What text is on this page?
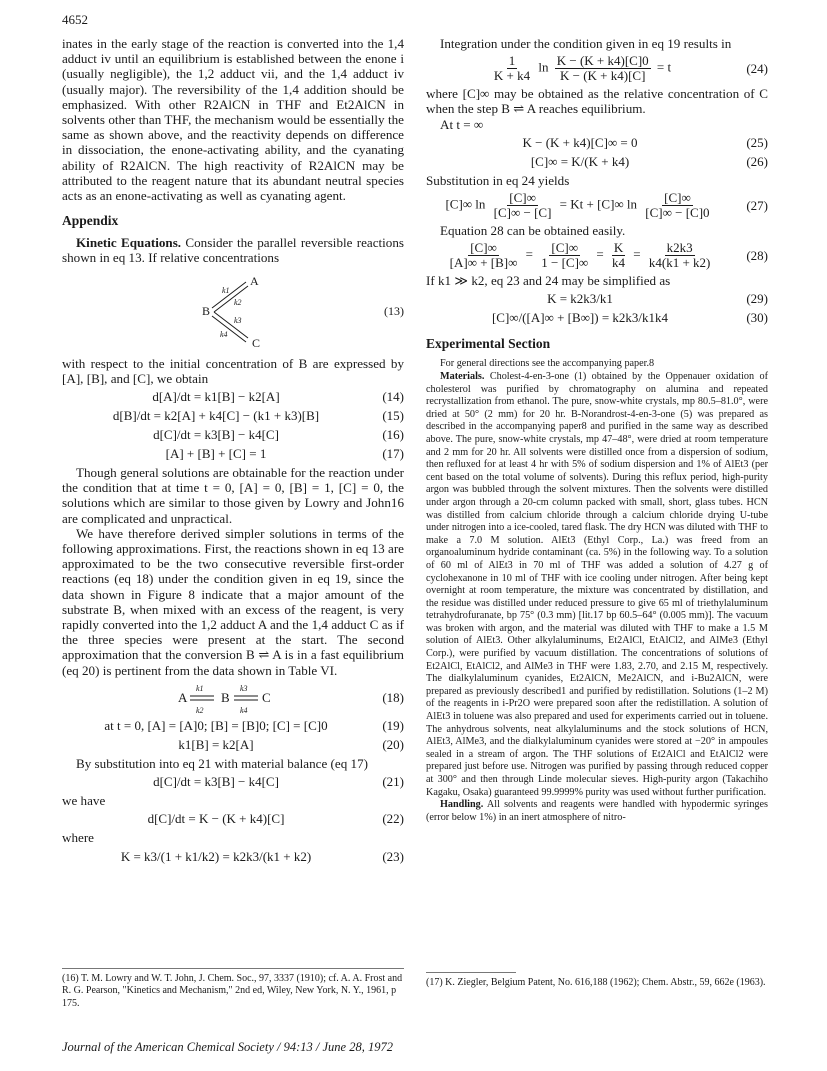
4652

inates in the early stage of the reaction is converted into the 1,4 adduct iv until an equilibrium is established between the enone i (usually negligible), the 1,2 adduct vii, and the 1,4 adduct iv (usually major). The reversibility of the 1,4 addition should be emphasized. With other R2AlCN in THF and Et2AlCN in solvents other than THF, the mechanism would be essentially the same as shown above, and the reactivity depends on difference in dissociation, the enone-activating ability, and the cyanating ability of R2AlCN. The high reactivity of R2AlCN may be attributed to the reagent nature that its abundant neutral species acts as an enone-activating as well as cyanating agent.

Appendix

Kinetic Equations. Consider the parallel reversible reactions shown in eq 13. If relative concentrations

B
A
C
k1
k2
k3
k4
(13)

with respect to the initial concentration of B are expressed by [A], [B], and [C], we obtain

d[A]/dt = k1[B] − k2[A]	(14)
d[B]/dt = k2[A] + k4[C] − (k1 + k3)[B]	(15)
d[C]/dt = k3[B] − k4[C]	(16)
[A] + [B] + [C] = 1	(17)

Though general solutions are obtainable for the reaction under the condition that at time t = 0, [A] = 0, [B] = 1, [C] = 0, the solutions which are similar to those given by Lowry and John16 are complicated and unpractical.

We have therefore derived simpler solutions in terms of the following approximations. First, the reactions shown in eq 13 are approximated to be the two consecutive reversible first-order reactions (eq 18) under the condition given in eq 19, since the data shown in Figure 8 indicate that a major amount of the substrate B, when mixed with an excess of the reagent, is very rapidly converted into the 1,2 adduct A and the 1,4 adduct C as if the three species were present at the start. The second approximation that the conversion B ⇌ A is in a fast equilibrium (eq 20) is pertinent from the data shown in Table VI.

A	B C
k1
k2
k3
k4
(18)
at t = 0, [A] = [A]0; [B] = [B]0; [C] = [C]0	(19)
k1[B] = k2[A]	(20)

By substitution into eq 21 with material balance (eq 17)

d[C]/dt = k3[B] − k4[C]	(21)

we have

d[C]/dt = K − (K + k4)[C]	(22)

where

K = k3/(1 + k1/k2) = k2k3/(k1 + k2)	(23)

Integration under the condition given in eq 19 results in

$\frac{1}{K + k4}$ $\ln \frac{K - (K + k4)[C]0}{K - (K + k4)[C]} = t$	(24)

where [C]∞ may be obtained as the relative concentration of C when the step B ⇌ A reaches equilibrium.

At t = ∞

K − (K + k4)[C]∞ = 0	(25)
[C]∞ = K/(K + k4)	(26)

Substitution in eq 24 yields

[C]∞ $\ln \frac{[C]\infty}{[C]\infty - [C]} = Kt + [C]\infty$ $\ln \frac{[C]\infty}{[C]\infty - [C]0}$	(27)

Equation 28 can be obtained easily.

$\frac{[C]\infty}{[A]\infty + [B]\infty} = \frac{[C]\infty}{1 - [C]\infty} = \frac{K}{k4} = \frac{k2k3}{k4(k1 + k2)}$	(28)

If k1 ≫ k2, eq 23 and 24 may be simplified as

K = k2k3/k1	(29)
[C]∞/([A]∞ + [B∞]) = k2k3/k1k4	(30)
Experimental Section

For general directions see the accompanying paper.8

Materials. Cholest-4-en-3-one (1) obtained by the Oppenauer oxidation of cholesterol was purified by chromatography on alumina and repeated recrystallization from ethanol. The pure, snow-white crystals, mp 80.5–81.0°, were dried at 50° (2 mm) for 20 hr. B-Norandrost-4-en-3-one (5) was prepared as described in the accompanying paper8 and purified in the same way as described above. The pure, snow-white crystals, mp 47–48°, were dried at room temperature and 2 mm for 20 hr. All solvents were distilled once from a dispersion of sodium, then refluxed for at least 4 hr with 5% of sodium dispersion and 1% of AlEt3 (per cent based on the total volume of solvents). During this reflux period, high-purity argon was bubbled through the solvent mixtures. Then the solvents were distilled under argon through a 20-cm column packed with small, short, glass tubes. HCN was distilled from calcium chloride through a calcium chloride drying U-tube under nitrogen into a ice-cooled, tared flask. The dry HCN was diluted with THF to make a 7.0 M solution. AlEt3 (Ethyl Corp., La.) was freed from an organoaluminum hydride contaminant (ca. 5%) in the following way. To a solution of 60 ml of AlEt3 in 70 ml of THF was added a solution of 4.27 g of cyclohexanone in 10 ml of THF with ice cooling under nitrogen. After being kept overnight at room temperature, the mixture was concentrated by distillation, and the residue was distilled under reduced pressure to give 65 ml of triethylaluminum tetrahydrofuranate, bp 75° (0.3 mm) [lit.17 bp 60.5–64° (0.005 mm)]. The vacuum was broken with argon, and the material was diluted with THF to make a 1.5 M solution of AlEt3. Other alkylaluminums, Et2AlCl, EtAlCl2, and AlMe3 (Ethyl Corp.), were purified by vacuum distillation. The concentrations of solutions of Et2AlCl, EtAlCl2, and AlMe3 in THF were 1.83, 2.70, and 2.15 M, respectively. The dialkylaluminum cyanides, Et2AlCN, Me2AlCN, and i-Bu2AlCN, were prepared as previously described1 and purified by redistillation. Solutions (1–2 M) of the reagents in i-Pr2O were prepared soon after the redistillation. A solution of AlEt3 in toluene was also prepared and used for experiments carried out in toluene. The anhydrous solvents, neat alkylaluminums and the stock solutions of HCN, AlEt3, AlMe3, and the dialkylaluminum cyanides were stored at −20° in ampoules sealed in a stream of argon. The THF solutions of Et2AlCl and EtAlCl2 were prepared just before use. Nitrogen was purified by passing through reduced copper at 300° and then through Linde molecular sieves. High-purity argon (Takachiho Kagaku, Osaka) guaranteed 99.9999% purity was used without further purification.

Handling. All solvents and reagents were handled with hypodermic syringes (error below 1%) in an inert atmosphere of nitro-

(16) T. M. Lowry and W. T. John, J. Chem. Soc., 97, 3337 (1910); cf. A. A. Frost and R. G. Pearson, "Kinetics and Mechanism," 2nd ed, Wiley, New York, N. Y., 1961, p 175.
(17) K. Ziegler, Belgium Patent, No. 616,188 (1962); Chem. Abstr., 59, 662e (1963).
Journal of the American Chemical Society / 94:13 / June 28, 1972
